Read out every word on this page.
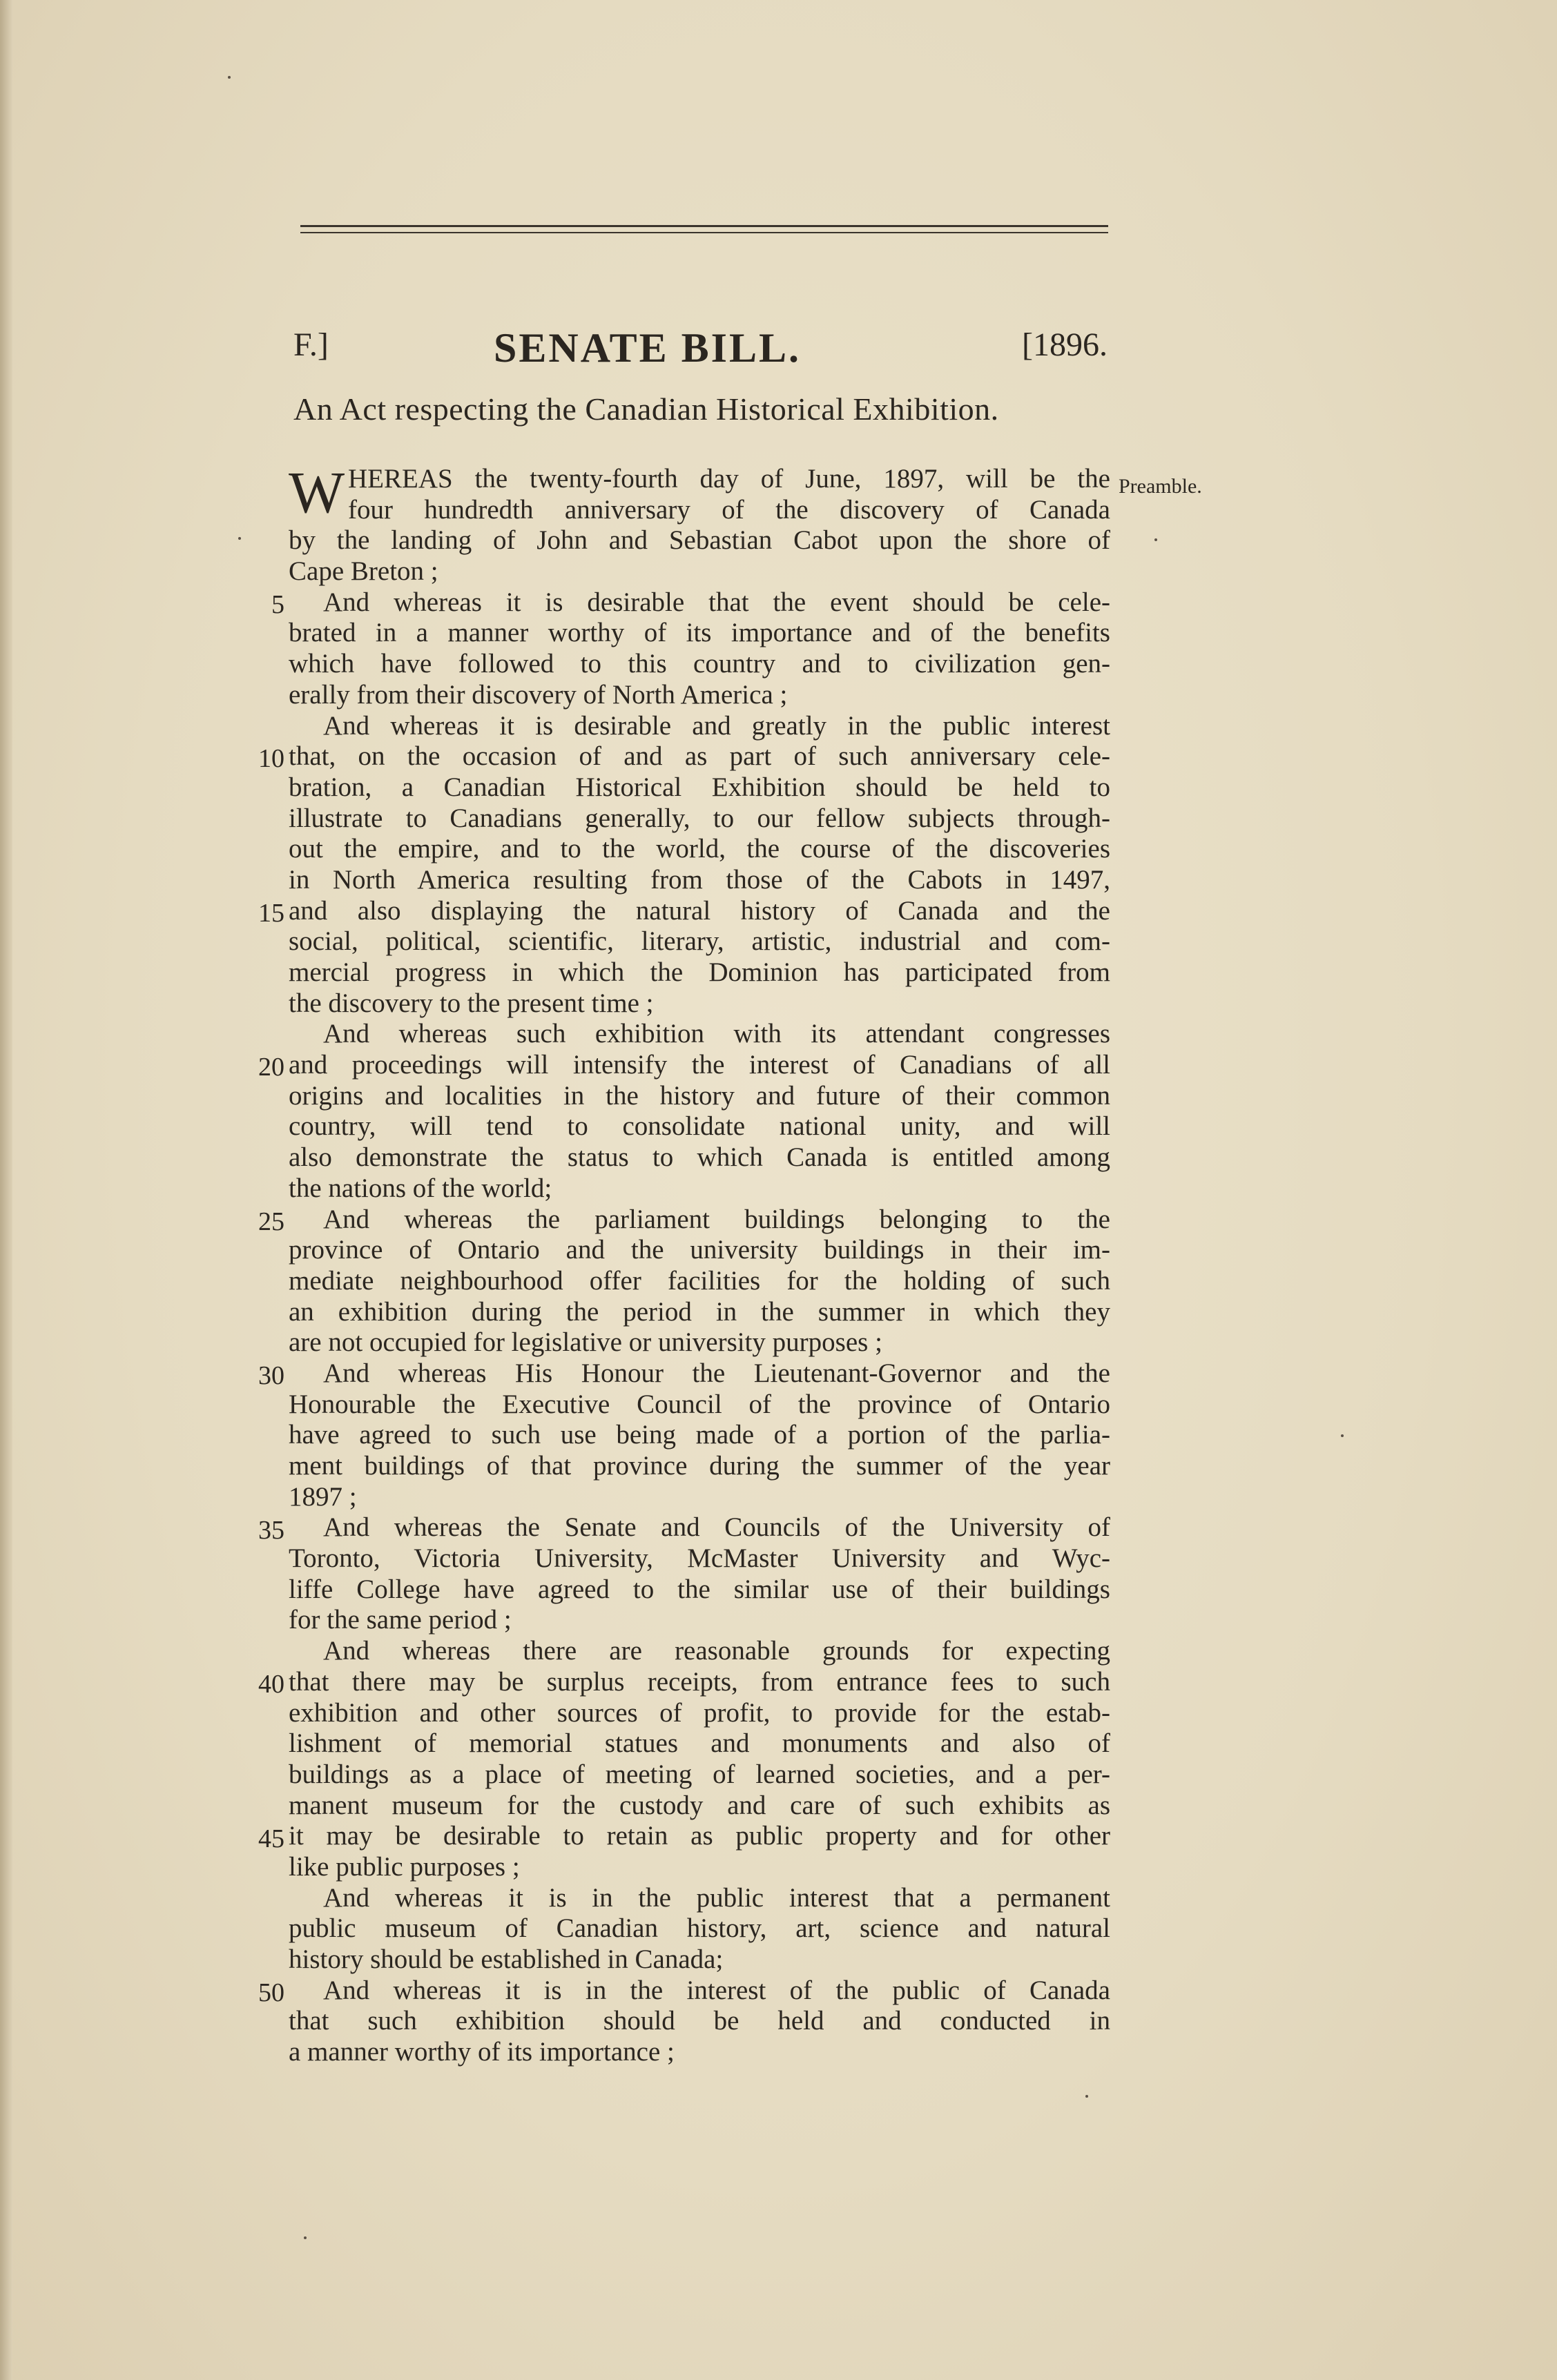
F.]	SENATE BILL.	[1896.
An Act respecting the Canadian Historical Exhibition.
Preamble.
W HEREAS the twenty-fourth day of June, 1897, will be the
four hundredth anniversary of the discovery of Canada
by the landing of John and Sebastian Cabot upon the shore of
Cape Breton ;
And whereas it is desirable that the event should be cele-
brated in a manner worthy of its importance and of the benefits
which have followed to this country and to civilization gen-
erally from their discovery of North America ;
And whereas it is desirable and greatly in the public interest
that, on the occasion of and as part of such anniversary cele-
bration, a Canadian Historical Exhibition should be held to
illustrate to Canadians generally, to our fellow subjects through-
out the empire, and to the world, the course of the discoveries
in North America resulting from those of the Cabots in 1497,
and also displaying the natural history of Canada and the
social, political, scientific, literary, artistic, industrial and com-
mercial progress in which the Dominion has participated from
the discovery to the present time ;
And whereas such exhibition with its attendant congresses
and proceedings will intensify the interest of Canadians of all
origins and localities in the history and future of their common
country, will tend to consolidate national unity, and will
also demonstrate the status to which Canada is entitled among
the nations of the world;
And whereas the parliament buildings belonging to the
province of Ontario and the university buildings in their im-
mediate neighbourhood offer facilities for the holding of such
an exhibition during the period in the summer in which they
are not occupied for legislative or university purposes ;
And whereas His Honour the Lieutenant-Governor and the
Honourable the Executive Council of the province of Ontario
have agreed to such use being made of a portion of the parlia-
ment buildings of that province during the summer of the year
1897 ;
And whereas the Senate and Councils of the University of
Toronto, Victoria University, McMaster University and Wyc-
liffe College have agreed to the similar use of their buildings
for the same period ;
And whereas there are reasonable grounds for expecting
that there may be surplus receipts, from entrance fees to such
exhibition and other sources of profit, to provide for the estab-
lishment of memorial statues and monuments and also of
buildings as a place of meeting of learned societies, and a per-
manent museum for the custody and care of such exhibits as
it may be desirable to retain as public property and for other
like public purposes ;
And whereas it is in the public interest that a permanent
public museum of Canadian history, art, science and natural
history should be established in Canada;
And whereas it is in the interest of the public of Canada
that such exhibition should be held and conducted in
a manner worthy of its importance ;
5
10
15
20
25
30
35
40
45
50
